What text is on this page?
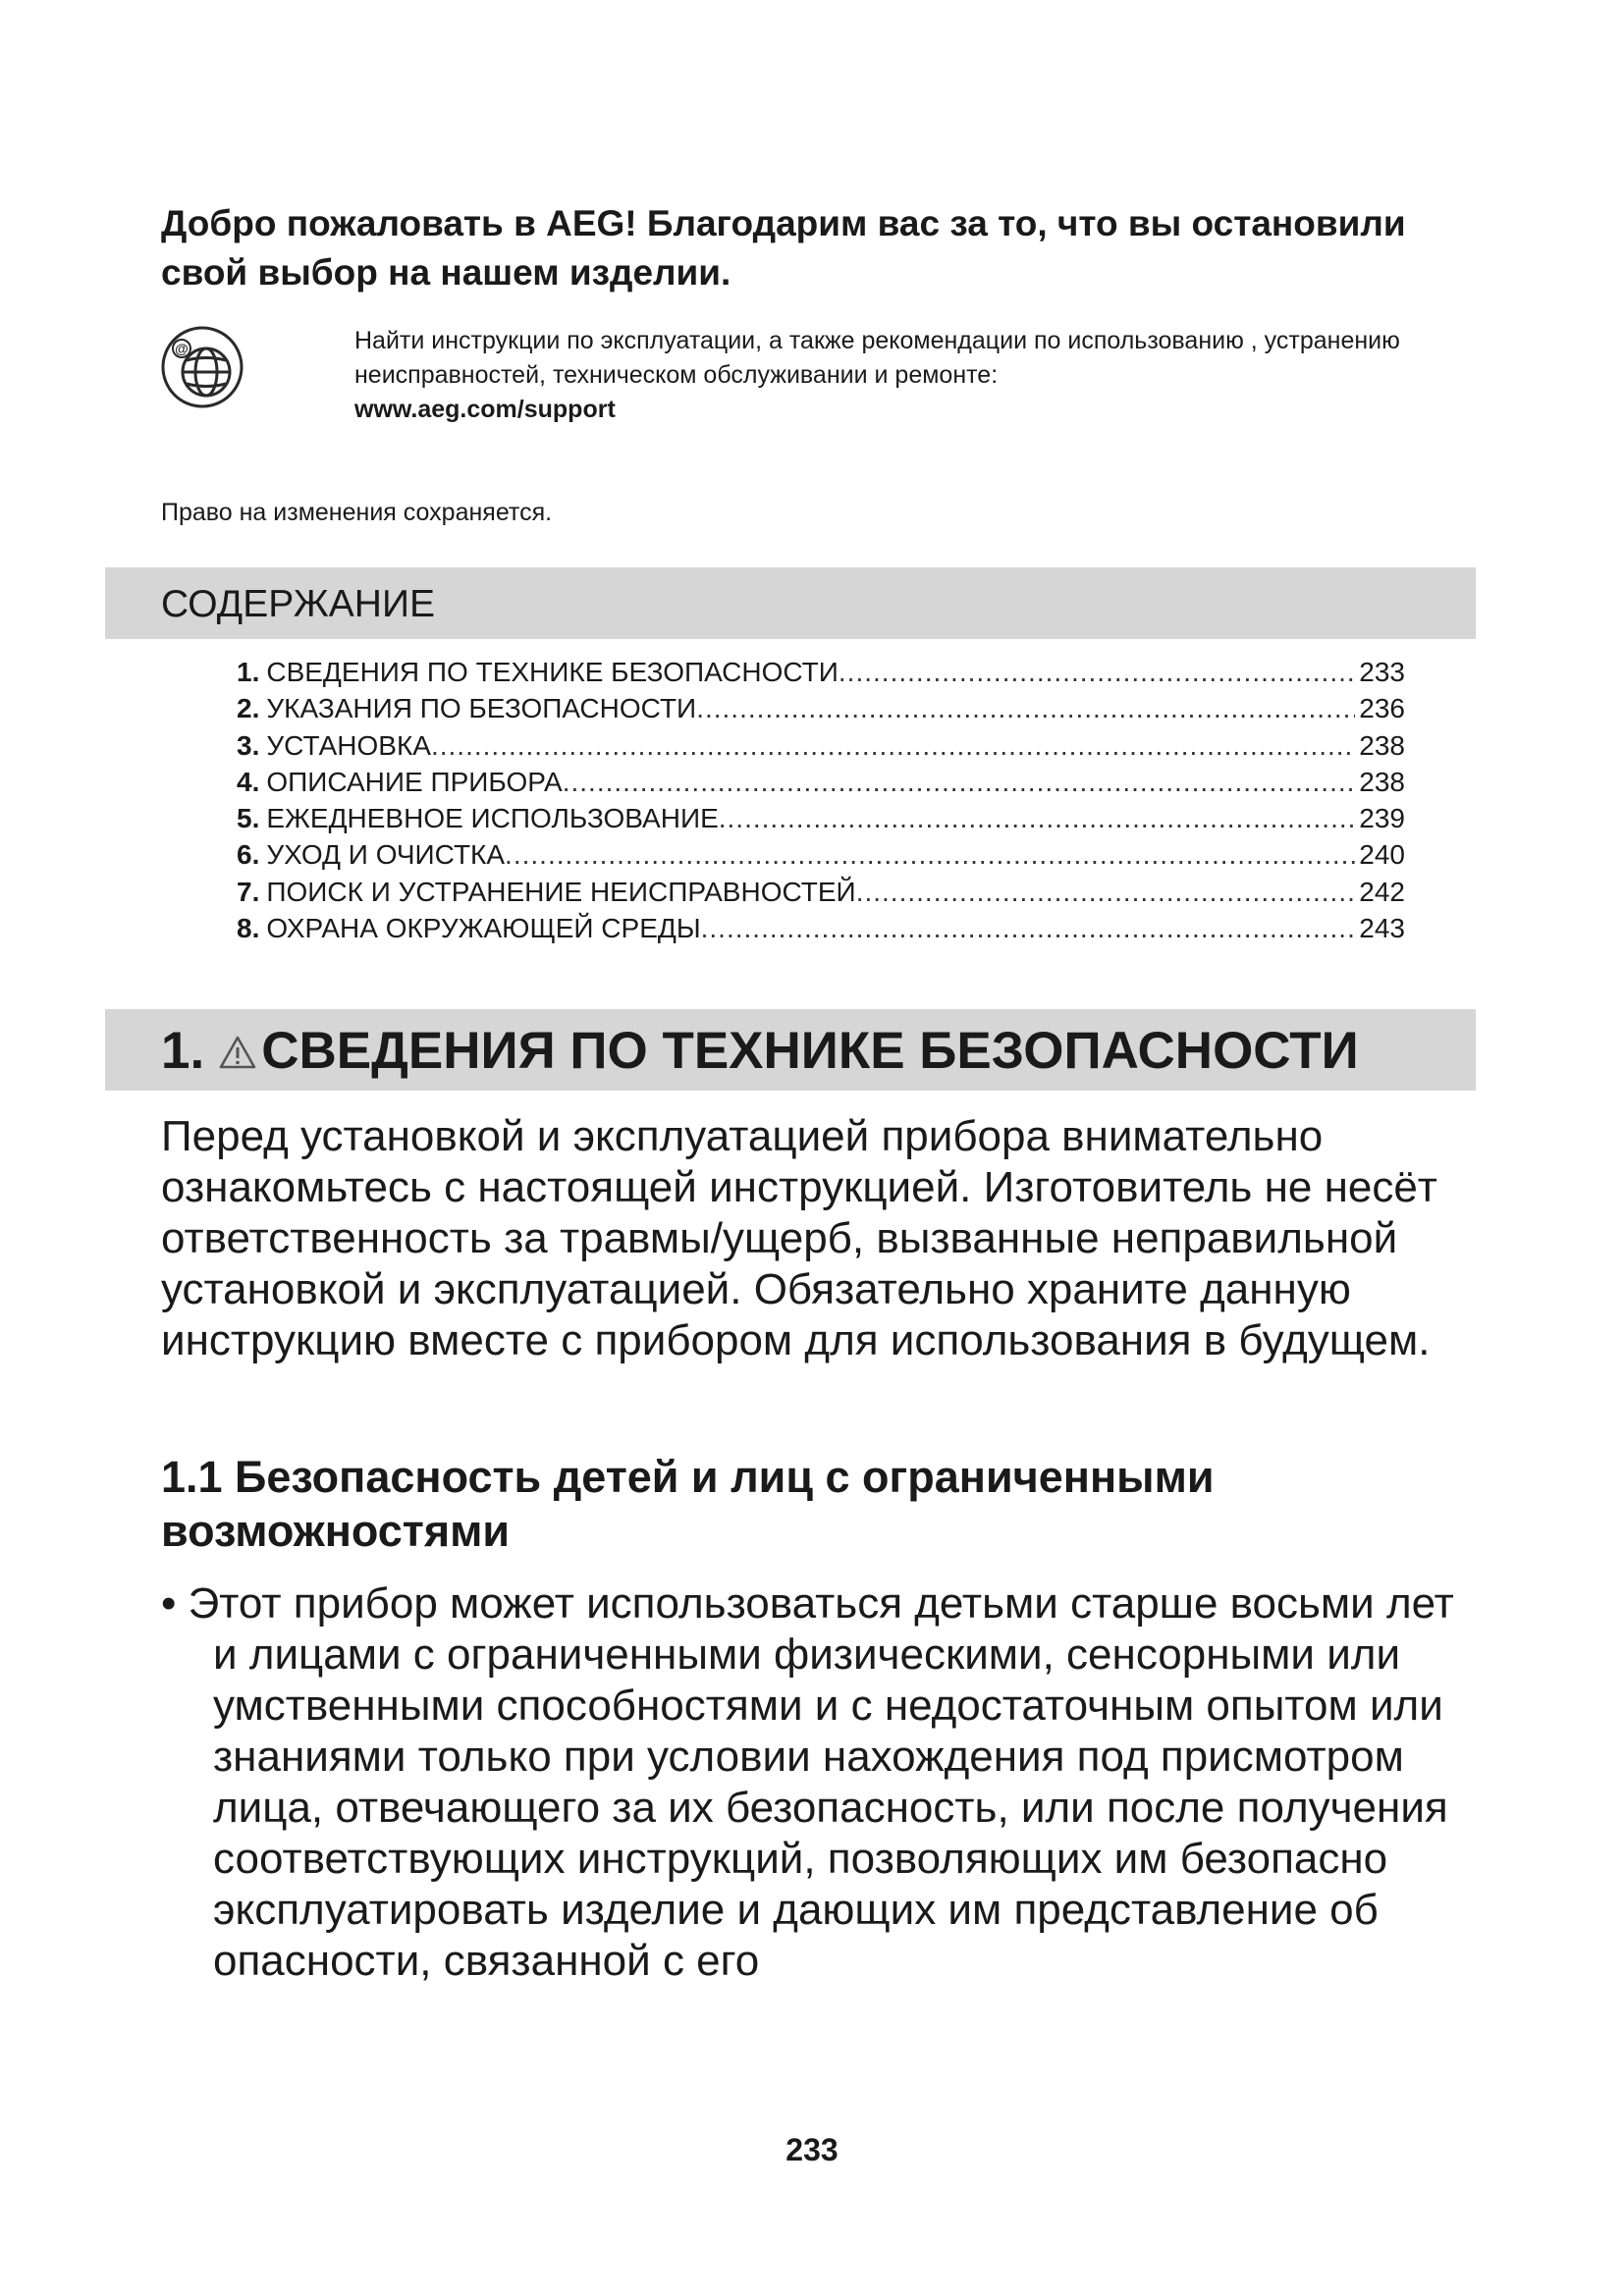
Добро пожаловать в AEG! Благодарим вас за то, что вы остановили свой выбор на нашем изделии.
@	Найти инструкции по эксплуатации, а также рекомендации по использованию , устранению неисправностей, техническом обслуживании и ремонте:
www.aeg.com/support
Право на изменения сохраняется.
СОДЕРЖАНИЕ
1. СВЕДЕНИЯ ПО ТЕХНИКЕ БЕЗОПАСНОСТИ .....	233
2. УКАЗАНИЯ ПО БЕЗОПАСНОСТИ .....	236
3. УСТАНОВКА .....	238
4. ОПИСАНИЕ ПРИБОРА .....	238
5. ЕЖЕДНЕВНОЕ ИСПОЛЬЗОВАНИЕ .....	239
6. УХОД И ОЧИСТКА .....	240
7. ПОИСК И УСТРАНЕНИЕ НЕИСПРАВНОСТЕЙ .....	242
8. ОХРАНА ОКРУЖАЮЩЕЙ СРЕДЫ .....	243
1. СВЕДЕНИЯ ПО ТЕХНИКЕ БЕЗОПАСНОСТИ
Перед установкой и эксплуатацией прибора внимательно ознакомьтесь с настоящей инструкцией. Изготовитель не несёт ответственность за травмы/ущерб, вызванные неправильной установкой и эксплуатацией. Обязательно храните данную инструкцию вместе с прибором для использования в будущем.
1.1 Безопасность детей и лиц с ограниченными возможностями
• Этот прибор может использоваться детьми старше восьми лет и лицами с ограниченными физическими, сенсорными или умственными способностями и с недостаточным опытом или знаниями только при условии нахождения под присмотром лица, отвечающего за их безопасность, или после получения соответствующих инструкций, позволяющих им безопасно эксплуатировать изделие и дающих им представление об опасности, связанной с его
233
